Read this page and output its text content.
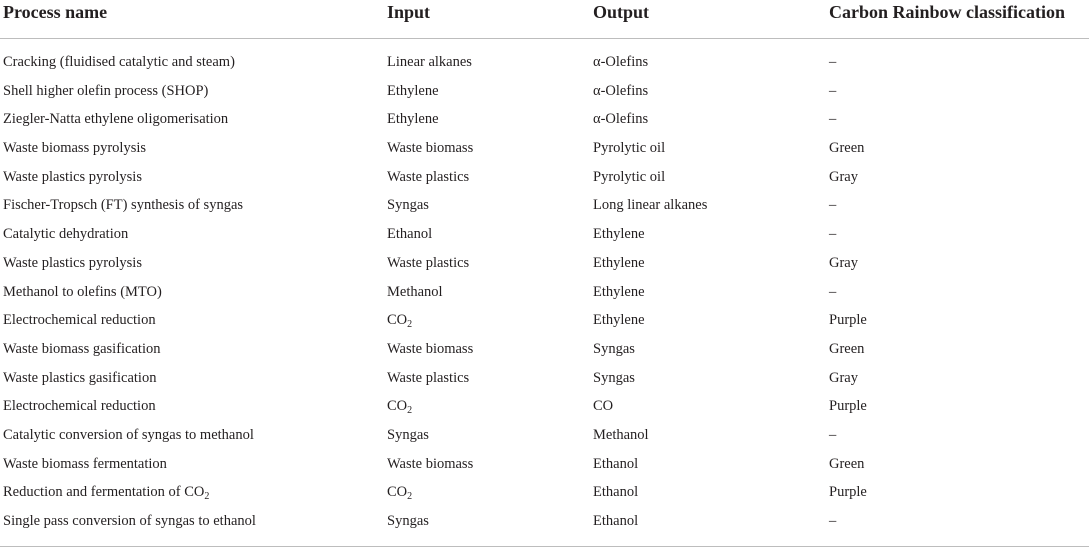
Process name	Input	Output	Carbon Rainbow classification
Cracking (fluidised catalytic and steam)	Linear alkanes	α-Olefins	–
Shell higher olefin process (SHOP)	Ethylene	α-Olefins	–
Ziegler-Natta ethylene oligomerisation	Ethylene	α-Olefins	–
Waste biomass pyrolysis	Waste biomass	Pyrolytic oil	Green
Waste plastics pyrolysis	Waste plastics	Pyrolytic oil	Gray
Fischer-Tropsch (FT) synthesis of syngas	Syngas	Long linear alkanes	–
Catalytic dehydration	Ethanol	Ethylene	–
Waste plastics pyrolysis	Waste plastics	Ethylene	Gray
Methanol to olefins (MTO)	Methanol	Ethylene	–
Electrochemical reduction	$CO_2$	Ethylene	Purple
Waste biomass gasification	Waste biomass	Syngas	Green
Waste plastics gasification	Waste plastics	Syngas	Gray
Electrochemical reduction	$CO_2$	CO	Purple
Catalytic conversion of syngas to methanol	Syngas	Methanol	–
Waste biomass fermentation	Waste biomass	Ethanol	Green
Reduction and fermentation of $CO_2$	$CO_2$	Ethanol	Purple
Single pass conversion of syngas to ethanol	Syngas	Ethanol	–
